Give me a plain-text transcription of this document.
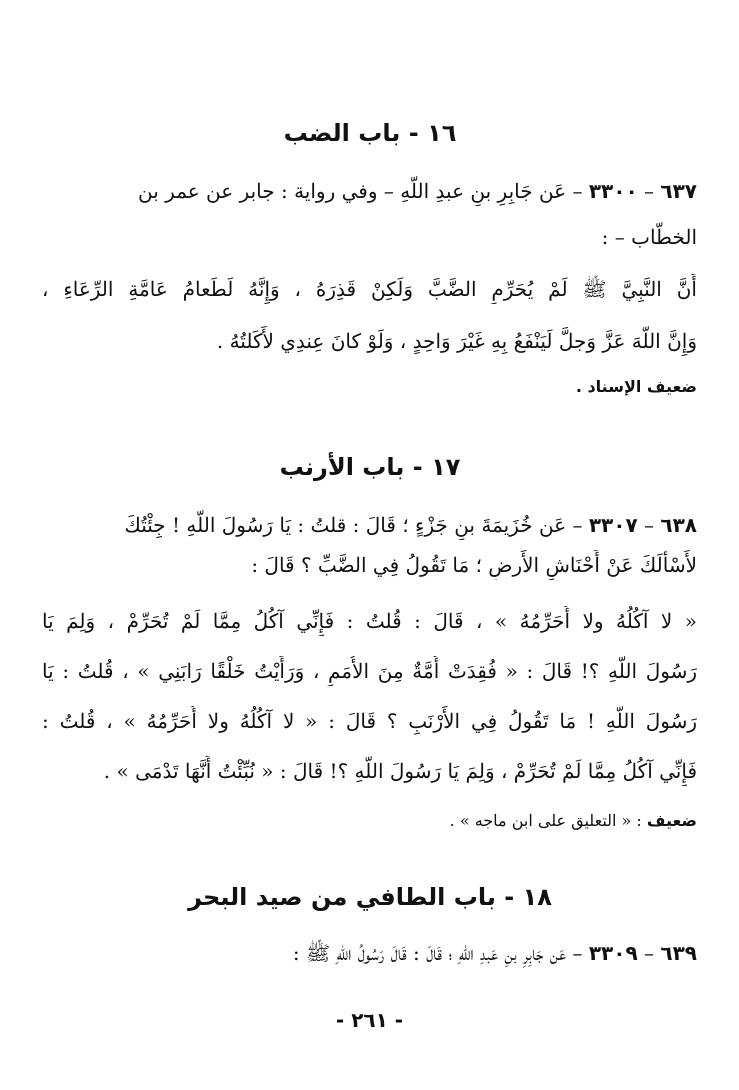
١٦ - باب الضب
٦٣٧ – ٣٣٠٠ – عَن جَابِرِ بنِ عبدِ اللّهِ – وفي رواية : جابر عن عمر بن
الخطّاب – :
أَنَّ النَّبِيَّ ﷺ لَمْ يُحَرِّمِ الضَّبَّ وَلَكِنْ قَذِرَهُ ، وَإِنَّهُ لَطَعامُ عَامَّةِ الرِّعَاءِ ،
وَإِنَّ اللّهَ عَزَّ وَجلَّ لَيَنْفَعُ بِهِ غَيْرَ وَاحِدٍ ، وَلَوْ كانَ عِندِي لأَكَلتُهُ .
ضعيف الإسناد .
١٧ - باب الأرنب
٦٣٨ – ٣٣٠٧ – عَن خُزَيمَةَ بنِ جَزْءٍ ؛ قَالَ : قلتُ : يَا رَسُولَ اللّهِ ! جِئْتُكَ
لأَسْأَلَكَ عَنْ أَحْنَاشِ الأَرضِ ؛ مَا تَقُولُ فِي الضَّبِّ ؟ قَالَ :
« لا آكُلُهُ ولا أُحَرِّمُهُ » ، قَالَ : قُلتُ : فَإِنِّي آكُلُ مِمَّا لَمْ تُحَرِّمْ ، وَلِمَ يَا
رَسُولَ اللّهِ ؟! قَالَ : « فُقِدَتْ أُمَّةٌ مِنَ الأُمَمِ ، وَرَأَيْتُ خَلْقًا رَابَنِي » ، قُلتُ : يَا
رَسُولَ اللّهِ ! مَا تَقُولُ فِي الأَرْنَبِ ؟ قَالَ : « لا آكُلُهُ ولا أُحَرِّمُهُ » ، قُلتُ :
فَإِنِّي آكُلُ مِمَّا لَمْ تُحَرِّمْ ، وَلِمَ يَا رَسُولَ اللّهِ ؟! قَالَ : « نُبِّئْتُ أَنَّهَا تَدْمَى » .
ضعيف : « التعليق على ابن ماجه » .
١٨ - باب الطافي من صيد البحر
٦٣٩ – ٣٣٠٩ – عَن جَابِرِ بنِ عَبدِ اللّهِ ؛ قَالَ : قَالَ رَسُولُ اللّهِ ﷺ :
- ٢٦١ -
